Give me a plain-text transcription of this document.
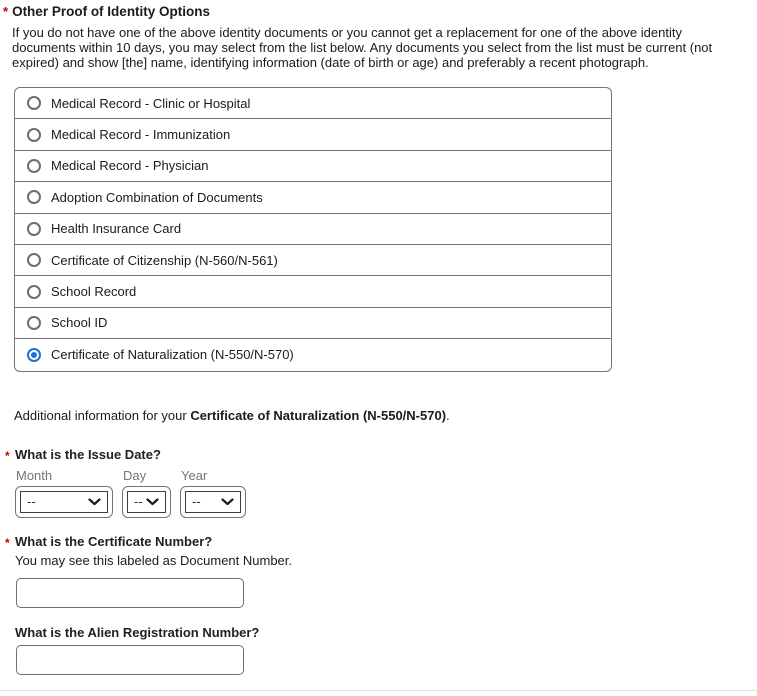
* Other Proof of Identity Options
If you do not have one of the above identity documents or you cannot get a replacement for one of the above identity documents within 10 days, you may select from the list below. Any documents you select from the list must be current (not expired) and show [the] name, identifying information (date of birth or age) and preferably a recent photograph.
Medical Record - Clinic or Hospital
Medical Record - Immunization
Medical Record - Physician
Adoption Combination of Documents
Health Insurance Card
Certificate of Citizenship (N-560/N-561)
School Record
School ID
Certificate of Naturalization (N-550/N-570)
Additional information for your Certificate of Naturalization (N-550/N-570).
* What is the Issue Date?
Month
--
Day
--
Year
--
* What is the Certificate Number?
You may see this labeled as Document Number.
What is the Alien Registration Number?
